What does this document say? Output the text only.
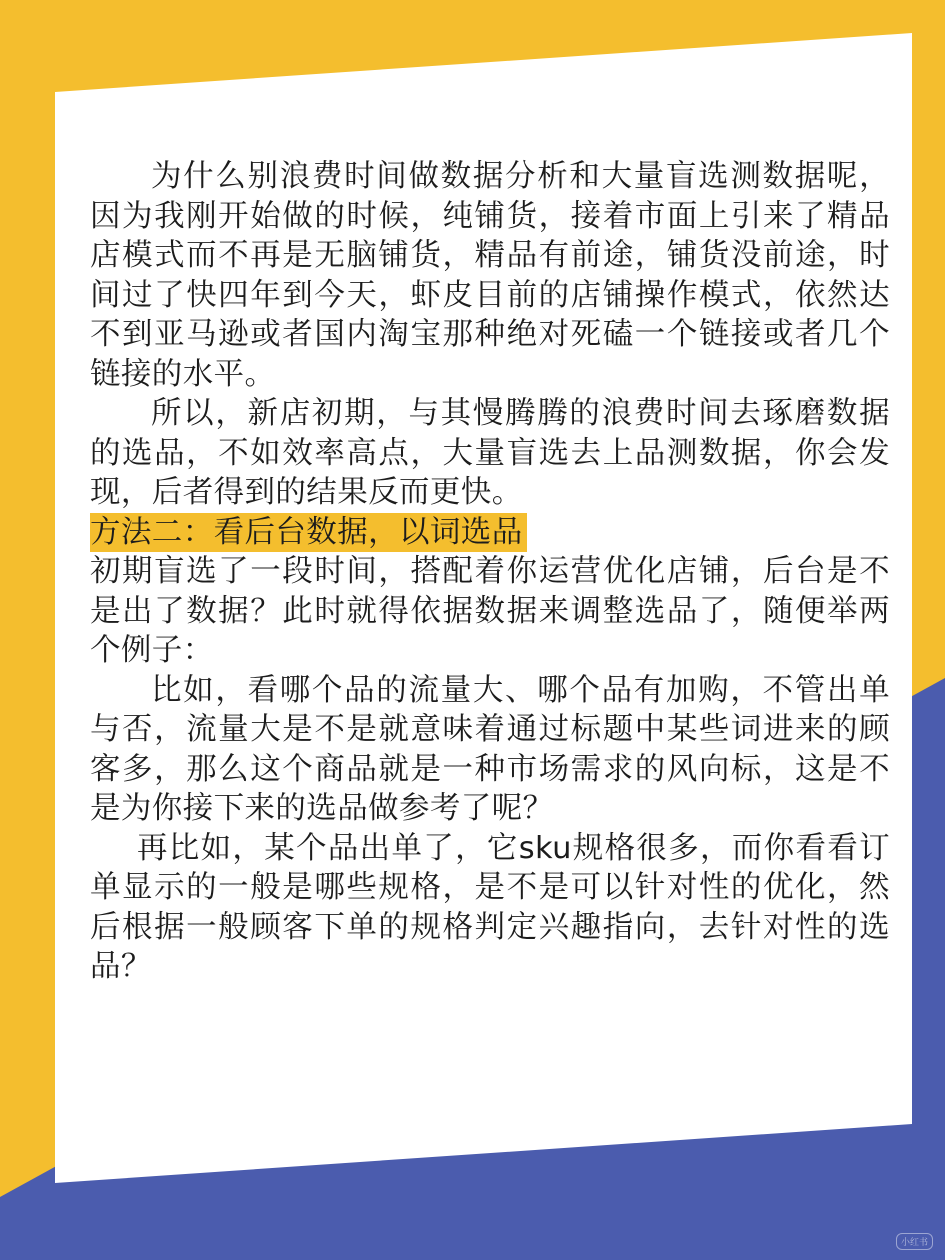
为什么别浪费时间做数据分析和大量盲选测数据呢，因为我刚开始做的时候，纯铺货，接着市面上引来了精品店模式而不再是无脑铺货，精品有前途，铺货没前途，时间过了快四年到今天，虾皮目前的店铺操作模式，依然达不到亚马逊或者国内淘宝那种绝对死磕一个链接或者几个链接的水平。

所以，新店初期，与其慢腾腾的浪费时间去琢磨数据的选品，不如效率高点，大量盲选去上品测数据，你会发现，后者得到的结果反而更快。

方法二：看后台数据，以词选品

初期盲选了一段时间，搭配着你运营优化店铺，后台是不是出了数据？此时就得依据数据来调整选品了，随便举两个例子：

比如，看哪个品的流量大、哪个品有加购，不管出单与否，流量大是不是就意味着通过标题中某些词进来的顾客多，那么这个商品就是一种市场需求的风向标，这是不是为你接下来的选品做参考了呢？

再比如，某个品出单了，它sku规格很多，而你看看订单显示的一般是哪些规格，是不是可以针对性的优化，然后根据一般顾客下单的规格判定兴趣指向，去针对性的选品？

小红书
